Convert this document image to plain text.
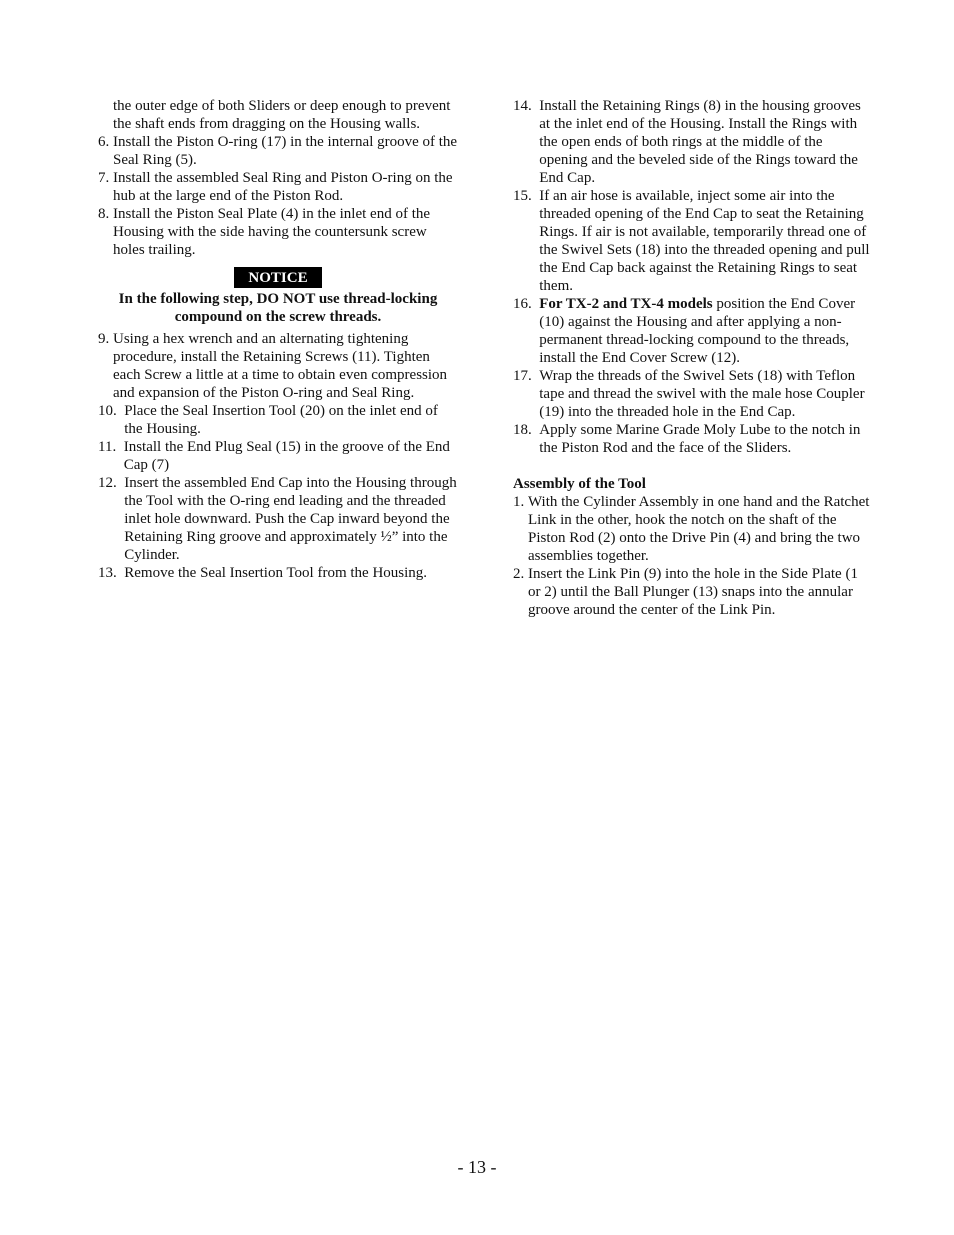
the outer edge of both Sliders or deep enough to prevent the shaft ends from dragging on the Housing walls.

6. Install the Piston O-ring (17) in the internal groove of the Seal Ring (5).
7. Install the assembled Seal Ring and Piston O-ring on the hub at the large end of the Piston Rod.
8. Install the Piston Seal Plate (4) in the inlet end of the Housing with the side having the countersunk screw holes trailing.
NOTICE
In the following step, DO NOT use thread-locking compound on the screw threads.
9. Using a hex wrench and an alternating tightening procedure, install the Retaining Screws (11). Tighten each Screw a little at a time to obtain even compression and expansion of the Piston O-ring and Seal Ring.
10. Place the Seal Insertion Tool (20) on the inlet end of the Housing.
11. Install the End Plug Seal (15) in the groove of the End Cap (7)
12. Insert the assembled End Cap into the Housing through the Tool with the O-ring end leading and the threaded inlet hole downward. Push the Cap inward beyond the Retaining Ring groove and approximately ½” into the Cylinder.
13. Remove the Seal Insertion Tool from the Housing.
14. Install the Retaining Rings (8) in the housing grooves at the inlet end of the Housing. Install the Rings with the open ends of both rings at the middle of the opening and the beveled side of the Rings toward the End Cap.
15. If an air hose is available, inject some air into the threaded opening of the End Cap to seat the Retaining Rings. If air is not available, temporarily thread one of the Swivel Sets (18) into the threaded opening and pull the End Cap back against the Retaining Rings to seat them.
16. For TX-2 and TX-4 models position the End Cover (10) against the Housing and after applying a non-permanent thread-locking compound to the threads, install the End Cover Screw (12).
17. Wrap the threads of the Swivel Sets (18) with Teflon tape and thread the swivel with the male hose Coupler (19) into the threaded hole in the End Cap.
18. Apply some Marine Grade Moly Lube to the notch in the Piston Rod and the face of the Sliders.
Assembly of the Tool
1. With the Cylinder Assembly in one hand and the Ratchet Link in the other, hook the notch on the shaft of the Piston Rod (2) onto the Drive Pin (4) and bring the two assemblies together.
2. Insert the Link Pin (9) into the hole in the Side Plate (1 or 2) until the Ball Plunger (13) snaps into the annular groove around the center of the Link Pin.
- 13 -
